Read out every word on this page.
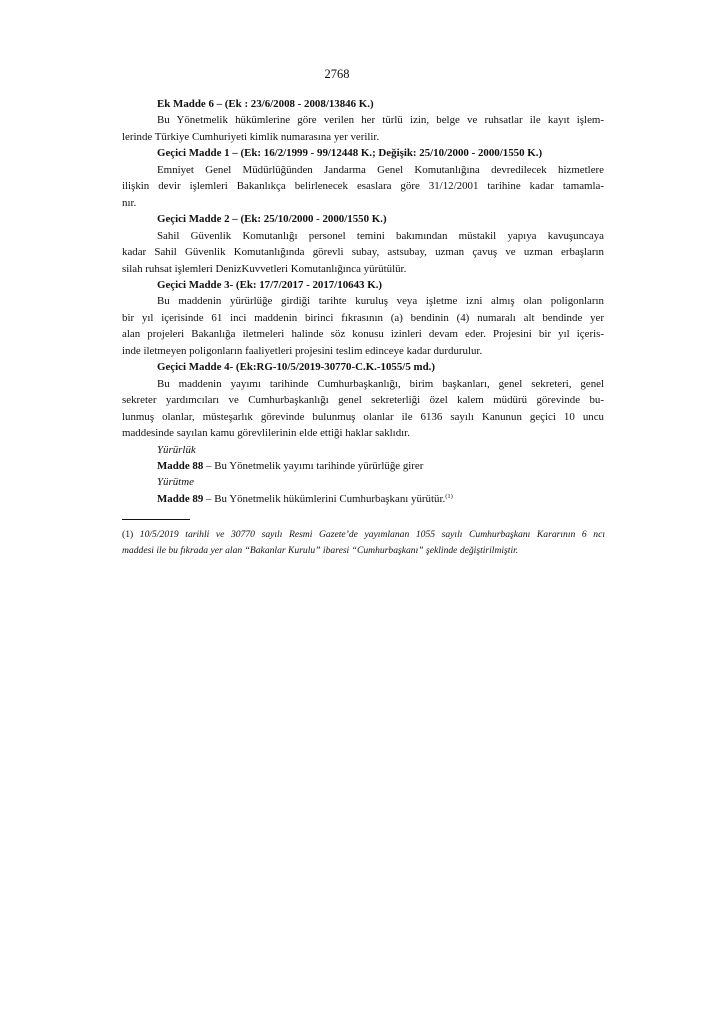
2768
Ek Madde 6 – (Ek : 23/6/2008 - 2008/13846 K.)
Bu Yönetmelik hükümlerine göre verilen her türlü izin, belge ve ruhsatlar ile kayıt işlem-
lerinde Türkiye Cumhuriyeti kimlik numarasına yer verilir.
Geçici Madde 1 – (Ek: 16/2/1999 - 99/12448 K.; Değişik: 25/10/2000 - 2000/1550 K.)
Emniyet Genel Müdürlüğünden Jandarma Genel Komutanlığına devredilecek hizmetlere
ilişkin devir işlemleri Bakanlıkça belirlenecek esaslara göre 31/12/2001 tarihine kadar tamamla-
nır.
Geçici Madde 2 – (Ek: 25/10/2000 - 2000/1550 K.)
Sahil Güvenlik Komutanlığı personel temini bakımından müstakil yapıya kavuşuncaya
kadar Sahil Güvenlik Komutanlığında görevli subay, astsubay, uzman çavuş ve uzman erbaşların
silah ruhsat işlemleri DenizKuvvetleri Komutanlığınca yürütülür.
Geçici Madde 3- (Ek: 17/7/2017 - 2017/10643 K.)
Bu maddenin yürürlüğe girdiği tarihte kuruluş veya işletme izni almış olan poligonların
bir yıl içerisinde 61 inci maddenin birinci fıkrasının (a) bendinin (4) numaralı alt bendinde yer
alan projeleri Bakanlığa iletmeleri halinde söz konusu izinleri devam eder. Projesini bir yıl içeris-
inde iletmeyen poligonların faaliyetleri projesini teslim edinceye kadar durdurulur.
Geçici Madde 4- (Ek:RG-10/5/2019-30770-C.K.-1055/5 md.)
Bu maddenin yayımı tarihinde Cumhurbaşkanlığı, birim başkanları, genel sekreteri, genel
sekreter yardımcıları ve Cumhurbaşkanlığı genel sekreterliği özel kalem müdürü görevinde bu-
lunmuş olanlar, müsteşarlık görevinde bulunmuş olanlar ile 6136 sayılı Kanunun geçici 10 uncu
maddesinde sayılan kamu görevlilerinin elde ettiği haklar saklıdır.
Yürürlük
Madde 88 – Bu Yönetmelik yayımı tarihinde yürürlüğe girer
Yürütme
Madde 89 – Bu Yönetmelik hükümlerini Cumhurbaşkanı yürütür.$^{(1)}$
(1) 10/5/2019 tarihli ve 30770 sayılı Resmi Gazete’de yayımlanan 1055 sayılı Cumhurbaşkanı Kararının 6 ncı
maddesi ile bu fıkrada yer alan “Bakanlar Kurulu” ibaresi “Cumhurbaşkanı” şeklinde değiştirilmiştir.
